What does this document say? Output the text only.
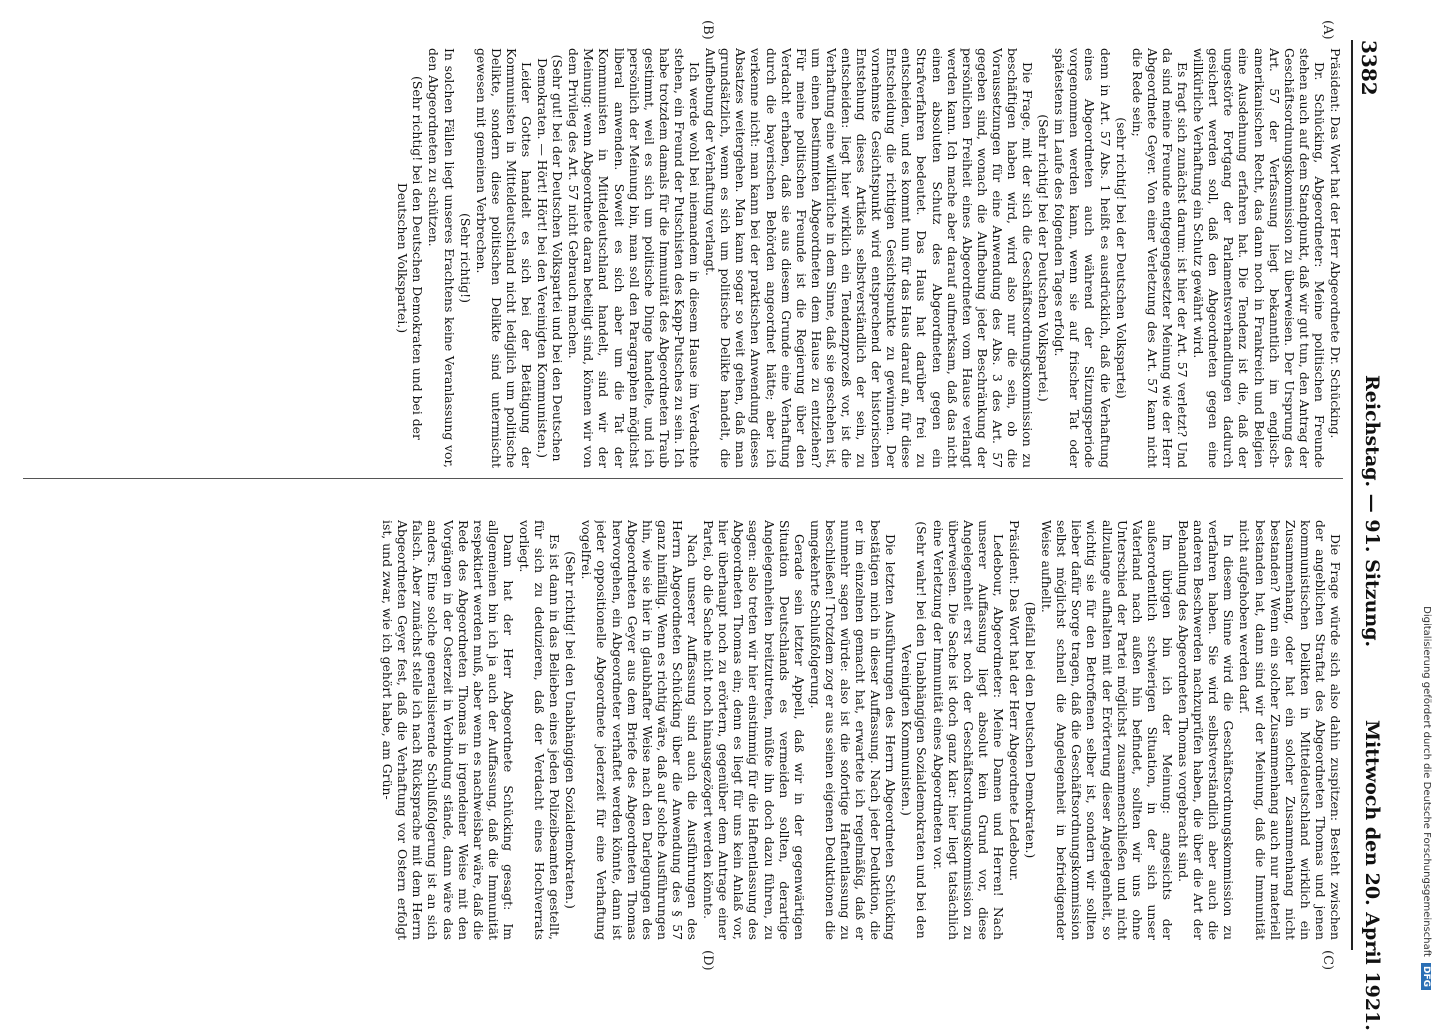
3382
Reichstag. — 91. Sitzung.
Mittwoch den 20. April 1921.
(A)
(B)
(C)
(D)

Präsident: Das Wort hat der Herr Abgeordnete Dr. Schücking.

Dr. Schücking, Abgeordneter: Meine politischen Freunde stehen auch auf dem Standpunkt, daß wir gut tun, den Antrag der Geschäftsordnungskommission zu überweisen. Der Ursprung des Art. 57 der Verfassung liegt bekanntlich im englisch-amerikanischen Recht, das dann noch in Frankreich und Belgien eine Ausdehnung erfahren hat. Die Tendenz ist die, daß der ungestörte Fortgang der Parlamentsverhandlungen dadurch gesichert werden soll, daß den Abgeordneten gegen eine willkürliche Verhaftung ein Schutz gewährt wird.

Es fragt sich zunächst darum: ist hier der Art. 57 verletzt? Und da sind meine Freunde entgegengesetzter Meinung wie der Herr Abgeordnete Geyer. Von einer Verletzung des Art. 57 kann nicht die Rede sein;

(sehr richtig! bei der Deutschen Volkspartei)

denn in Art. 57 Abs. 1 heißt es ausdrücklich, daß die Verhaftung eines Abgeordneten auch während der Sitzungsperiode vorgenommen werden kann, wenn sie auf frischer Tat oder spätestens im Laufe des folgenden Tages erfolgt.

(Sehr richtig! bei der Deutschen Volkspartei.)

Die Frage, mit der sich die Geschäftsordnungskommission zu beschäftigen haben wird, wird also nur die sein, ob die Voraussetzungen für eine Anwendung des Abs. 3 des Art. 57 gegeben sind, wonach die Aufhebung jeder Beschränkung der persönlichen Freiheit eines Abgeordneten vom Hause verlangt werden kann. Ich mache aber darauf aufmerksam, daß das nicht einen absoluten Schutz des Abgeordneten gegen ein Strafverfahren bedeutet. Das Haus hat darüber frei zu entscheiden, und es kommt nun für das Haus darauf an, für diese Entscheidung die richtigen Gesichtspunkte zu gewinnen. Der vornehmste Gesichtspunkt wird entsprechend der historischen Entstehung dieses Artikels selbstverständlich der sein, zu entscheiden: liegt hier wirklich ein Tendenzprozeß vor, ist die Verhaftung eine willkürliche in dem Sinne, daß sie geschehen ist, um einen bestimmten Abgeordneten dem Hause zu entziehen? Für meine politischen Freunde ist die Regierung über den Verdacht erhaben, daß sie aus diesem Grunde eine Verhaftung durch die bayerischen Behörden angeordnet hätte; aber ich verkenne nicht: man kann bei der praktischen Anwendung dieses Absatzes weitergehen. Man kann sogar so weit gehen, daß man grundsätzlich, wenn es sich um politische Delikte handelt, die Aufhebung der Verhaftung verlangt.

Ich werde wohl bei niemandem in diesem Hause im Verdachte stehen, ein Freund der Putschisten des Kapp-Putsches zu sein. Ich habe trotzdem damals für die Immunität des Abgeordneten Traub gestimmt, weil es sich um politische Dinge handelte, und ich persönlich der Meinung bin, man soll den Paragraphen möglichst liberal anwenden. Soweit es sich aber um die Tat der Kommunisten in Mitteldeutschland handelt, sind wir der Meinung: wenn Abgeordnete daran beteiligt sind, können wir von dem Privileg des Art. 57 nicht Gebrauch machen.

(Sehr gut! bei der Deutschen Volkspartei und bei den Deutschen Demokraten. — Hört! Hört! bei den Vereinigten Kommunisten.)

Leider Gottes handelt es sich bei der Betätigung der Kommunisten in Mitteldeutschland nicht lediglich um politische Delikte, sondern diese politischen Delikte sind untermischt gewesen mit gemeinen Verbrechen.

(Sehr richtig!)

In solchen Fällen liegt unseres Erachtens keine Veranlassung vor, den Abgeordneten zu schützen.

(Sehr richtig! bei den Deutschen Demokraten und bei der Deutschen Volkspartei.)

Die Frage würde sich also dahin zuspitzen: Besteht zwischen der angeblichen Straftat des Abgeordneten Thomas und jenen kommunistischen Delikten in Mitteldeutschland wirklich ein Zusammenhang, oder hat ein solcher Zusammenhang nicht bestanden? Wenn ein solcher Zusammenhang auch nur materiell bestanden hat, dann sind wir der Meinung, daß die Immunität nicht aufgehoben werden darf.

In diesem Sinne wird die Geschäftsordnungskommission zu verfahren haben. Sie wird selbstverständlich aber auch die anderen Beschwerden nachzuprüfen haben, die über die Art der Behandlung des Abgeordneten Thomas vorgebracht sind.

Im übrigen bin ich der Meinung: angesichts der außerordentlich schwierigen Situation, in der sich unser Vaterland nach außen hin befindet, sollten wir uns ohne Unterschied der Partei möglichst zusammenschließen und nicht allzulange aufhalten mit der Erörterung dieser Angelegenheit, so wichtig sie für den Betroffenen selber ist, sondern wir sollten lieber dafür Sorge tragen, daß die Geschäftsordnungskommission selbst möglichst schnell die Angelegenheit in befriedigender Weise aufhellt.

(Beifall bei den Deutschen Demokraten.)

Präsident: Das Wort hat der Herr Abgeordnete Ledebour.

Ledebour, Abgeordneter: Meine Damen und Herren! Nach unserer Auffassung liegt absolut kein Grund vor, diese Angelegenheit erst noch der Geschäftsordnungskommission zu überweisen. Die Sache ist doch ganz klar: hier liegt tatsächlich eine Verletzung der Immunität eines Abgeordneten vor.

(Sehr wahr! bei den Unabhängigen Sozialdemokraten und bei den Vereinigten Kommunisten.)

Die letzten Ausführungen des Herrn Abgeordneten Schücking bestätigen mich in dieser Auffassung. Nach jeder Deduktion, die er im einzelnen gemacht hat, erwartete ich regelmäßig, daß er nunmehr sagen würde: also ist die sofortige Haftentlassung zu beschließen! Trotzdem zog er aus seinen eigenen Deduktionen die umgekehrte Schlußfolgerung.

Gerade sein letzter Appell, daß wir in der gegenwärtigen Situation Deutschlands es vermeiden sollten, derartige Angelegenheiten breitzutreten, müßte ihn doch dazu führen, zu sagen: also treten wir hier einstimmig für die Haftentlassung des Abgeordneten Thomas ein; denn es liegt für uns kein Anlaß vor, hier überhaupt noch zu erörtern, gegenüber dem Antrage einer Partei, ob die Sache nicht noch hinausgezögert werden könnte.

Nach unserer Auffassung sind auch die Ausführungen des Herrn Abgeordneten Schücking über die Anwendung des § 57 ganz hinfällig. Wenn es richtig wäre, daß auf solche Ausführungen hin, wie sie hier in glaubhafter Weise nach den Darlegungen des Abgeordneten Geyer aus dem Briefe des Abgeordneten Thomas hervorgehen, ein Abgeordneter verhaftet werden könnte, dann ist jeder oppositionelle Abgeordnete jederzeit für eine Verhaftung vogelfrei.

(Sehr richtig! bei den Unabhängigen Sozialdemokraten.)

Es ist dann in das Belieben eines jeden Polizeibeamten gestellt, für sich zu deduzieren, daß der Verdacht eines Hochverrats vorliegt.

Dann hat der Herr Abgeordnete Schücking gesagt: Im allgemeinen bin ich ja auch der Auffassung, daß die Immunität respektiert werden muß, aber wenn es nachweisbar wäre, daß die Rede des Abgeordneten Thomas in irgendeiner Weise mit den Vorgängen in der Osterzeit in Verbindung stände, dann wäre das anders. Eine solche generalisierende Schlußfolgerung ist an sich falsch. Aber zunächst stelle ich nach Rücksprache mit dem Herrn Abgeordneten Geyer fest, daß die Verhaftung vor Ostern erfolgt ist, und zwar, wie ich gehört habe, am Grün-	Digitalisierung gefördert durch die Deutsche ForschungsgemeinschaftDFG
